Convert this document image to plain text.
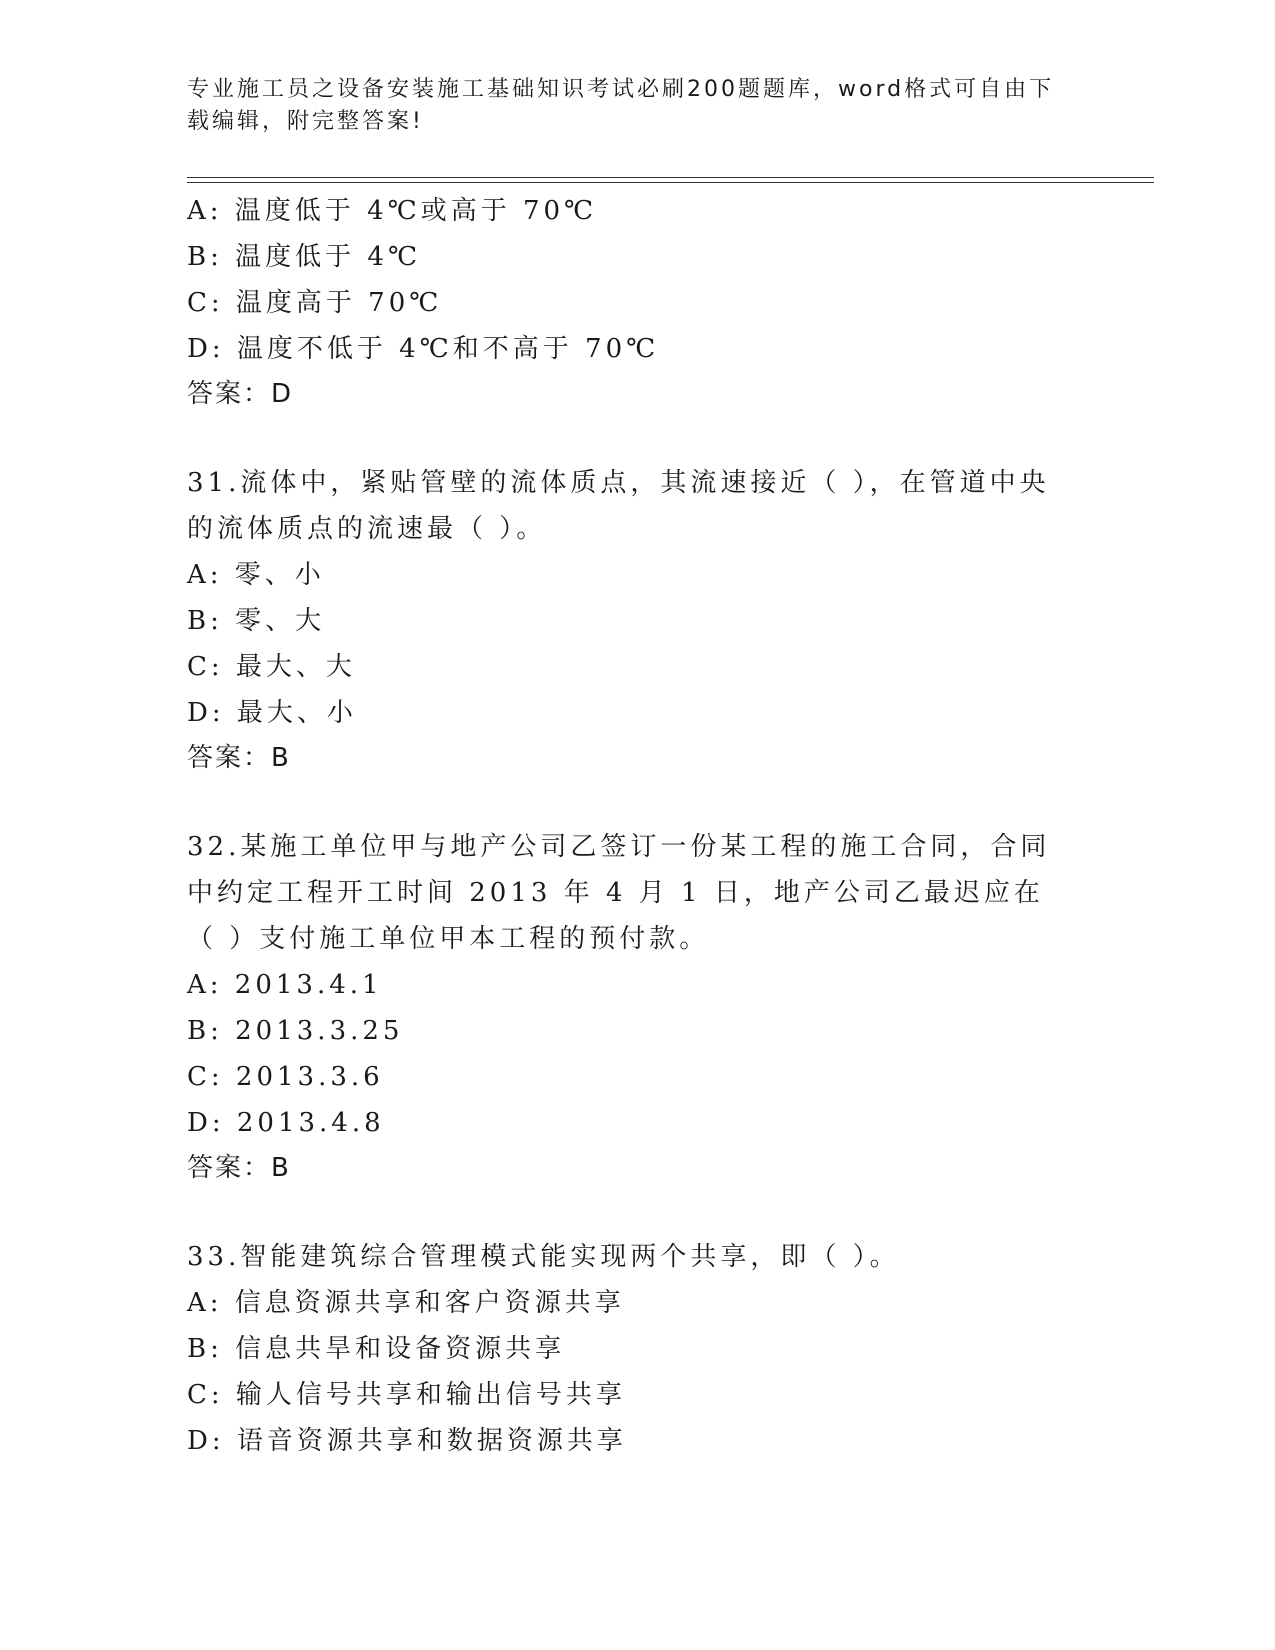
专业施工员之设备安装施工基础知识考试必刷200题题库，word格式可自由下载编辑，附完整答案!
A: 温度低于 4℃或高于 70℃
B: 温度低于 4℃
C: 温度高于 70℃
D: 温度不低于 4℃和不高于 70℃
答案：D
31.流体中，紧贴管壁的流体质点，其流速接近（ ），在管道中央的流体质点的流速最（ ）。
A: 零、小
B: 零、大
C: 最大、大
D: 最大、小
答案：B
32.某施工单位甲与地产公司乙签订一份某工程的施工合同，合同中约定工程开工时间 2013 年 4 月 1 日，地产公司乙最迟应在（ ）支付施工单位甲本工程的预付款。
A: 2013.4.1
B: 2013.3.25
C: 2013.3.6
D: 2013.4.8
答案：B
33.智能建筑综合管理模式能实现两个共享，即（ ）。
A: 信息资源共享和客户资源共享
B: 信息共旱和设备资源共享
C: 输人信号共享和输出信号共享
D: 语音资源共享和数据资源共享
